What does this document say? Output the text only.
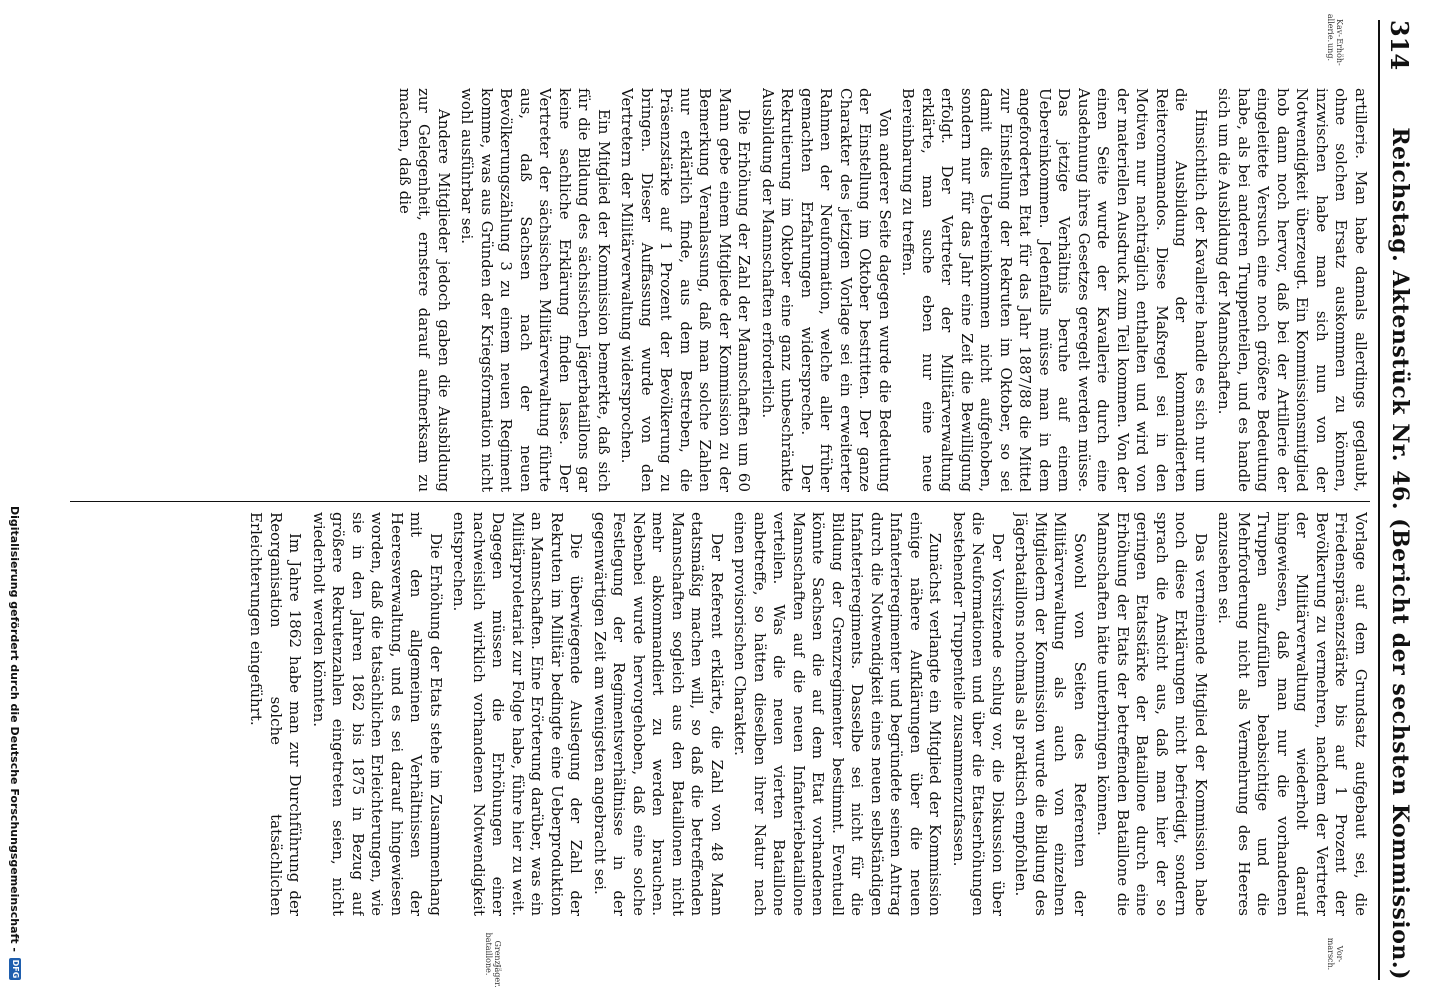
314
Reichstag. Aktenstück Nr. 46. (Bericht der sechsten Kommission.)
Kav- allerie.
Erhöh- ung.
Vor- marsch.
Grenz- bataillone.
Jäger.

artillerie. Man habe damals allerdings geglaubt, ohne solchen Ersatz auskommen zu können, inzwischen habe man sich nun von der Notwendigkeit überzeugt. Ein Kommissionsmitglied hob dann noch hervor, daß bei der Artillerie der eingeleitete Versuch eine noch größere Bedeutung habe, als bei anderen Truppenteilen, und es handle sich um die Ausbildung der Mannschaften.

Hinsichtlich der Kavallerie handle es sich nur um die Ausbildung der kommandierten Reitercommandos. Diese Maßregel sei in den Motiven nur nachträglich enthalten und wird von der materiellen Ausdruck zum Teil kommen. Von der einen Seite wurde der Kavallerie durch eine Ausdehnung ihres Gesetzes geregelt werden müsse. Das jetzige Verhältnis beruhe auf einem Uebereinkommen. Jedenfalls müsse man in dem angeforderten Etat für das Jahr 1887/88 die Mittel zur Einstellung der Rekruten im Oktober, so sei damit dies Uebereinkommen nicht aufgehoben, sondern nur für das Jahr eine Zeit die Bewilligung erfolgt. Der Vertreter der Militärverwaltung erklärte, man suche eben nur eine neue Bereinbarung zu treffen.

Von anderer Seite dagegen wurde die Bedeutung der Einstellung im Oktober bestritten. Der ganze Charakter des jetzigen Vorlage sei ein erweiterter Rahmen der Neuformation, welche aller früher gemachten Erfahrungen widerspreche. Der Rekrutierung im Oktober eine ganz unbeschränkte Ausbildung der Mannschaften erforderlich.

Die Erhöhung der Zahl der Mannschaften um 60 Mann gebe einem Mitgliede der Kommission zu der Bemerkung Veranlassung, daß man solche Zahlen nur erklärlich finde, aus dem Bestreben, die Präsenzstärke auf 1 Prozent der Bevölkerung zu bringen. Dieser Auffassung wurde von den Vertretern der Militärverwaltung widersprochen.

Ein Mitglied der Kommission bemerkte, daß sich für die Bildung des sächsischen Jägerbataillons gar keine sachliche Erklärung finden lasse. Der Vertreter der sächsischen Militärverwaltung führte aus, daß Sachsen nach der neuen Bevölkerungszählung 3 zu einem neuen Regiment komme, was aus Gründen der Kriegsformation nicht wohl ausführbar sei.

Andere Mitglieder jedoch gaben die Ausbildung zur Gelegenheit, ernstere darauf aufmerksam zu machen, daß die

Vorlage auf dem Grundsatz aufgebaut sei, die Friedenspräsenzstärke bis auf 1 Prozent der Bevölkerung zu vermehren, nachdem der Vertreter der Militärverwaltung wiederholt darauf hingewiesen, daß man nur die vorhandenen Truppen aufzufüllen beabsichtige und die Mehrforderung nicht als Vermehrung des Heeres anzusehen sei.

Das verneinende Mitglied der Kommission habe noch diese Erklärungen nicht befriedigt, sondern sprach die Ansicht aus, daß man hier der so geringen Etatsstärke der Bataillone durch eine Erhöhung der Etats der betreffenden Bataillone die Mannschaften hätte unterbringen können.

Sowohl von Seiten des Referenten der Militärverwaltung als auch von einzelnen Mitgliedern der Kommission wurde die Bildung des Jägerbataillons nochmals als praktisch empfohlen.

Der Vorsitzende schlug vor, die Diskussion über die Neuformationen und über die Etatserhöhungen bestehender Truppenteile zusammenzufassen.

Zunächst verlangte ein Mitglied der Kommission einige nähere Aufklärungen über die neuen Infanterieregimenter und begründete seinen Antrag durch die Notwendigkeit eines neuen selbständigen Infanterieregiments. Dasselbe sei nicht für die Bildung der Grenzregimenter bestimmt. Eventuell könnte Sachsen die auf dem Etat vorhandenen Mannschaften auf die neuen Infanteriebataillone verteilen. Was die neuen vierten Bataillone anbetreffe, so hätten dieselben ihrer Natur nach einen provisorischen Charakter.

Der Referent erklärte, die Zahl von 48 Mann etatsmäßig machen will, so daß die betreffenden Mannschaften sogleich aus den Bataillonen nicht mehr abkommandiert zu werden brauchen. Nebenbei wurde hervorgehoben, daß eine solche Festlegung der Regimentsverhältnisse in der gegenwärtigen Zeit am wenigsten angebracht sei.

Die überwiegende Auslegung der Zahl der Rekruten im Militär bedingte eine Ueberproduktion an Mannschaften. Eine Erörterung darüber, was ein Militärproletariat zur Folge habe, führe hier zu weit. Dagegen müssen die Erhöhungen einer nachweislich wirklich vorhandenen Notwendigkeit entsprechen.

Die Erhöhung der Etats stehe im Zusammenhang mit den allgemeinen Verhältnissen der Heeresverwaltung, und es sei darauf hingewiesen worden, daß die tatsächlichen Erleichterungen, wie sie in den Jahren 1862 bis 1875 in Bezug auf größere Rekrutenzahlen eingetreten seien, nicht wiederholt werden könnten.

Im Jahre 1862 habe man zur Durchführung der Reorganisation solche tatsächlichen Erleichterungen eingeführt.

Digitalisierung gefördert durch die Deutsche Forschungsgemeinschaft -
DFG
